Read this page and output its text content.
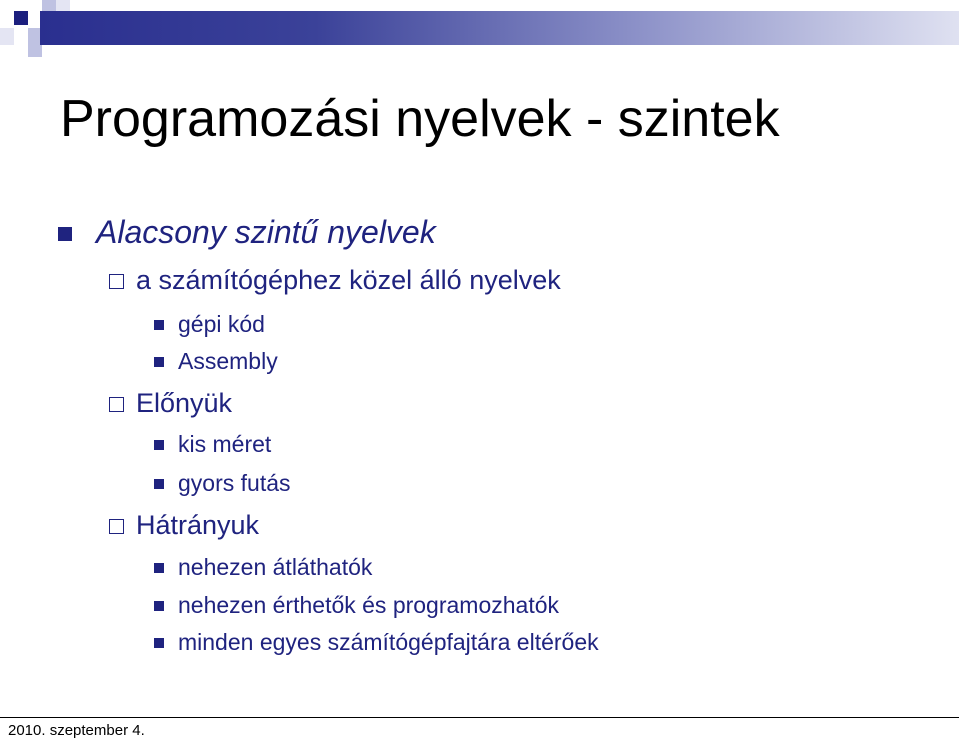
Programozási nyelvek - szintek
Alacsony szintű nyelvek
a számítógéphez közel álló nyelvek
gépi kód
Assembly
Előnyük
kis méret
gyors futás
Hátrányuk
nehezen átláthatók
nehezen érthetők és programozhatók
minden egyes számítógépfajtára eltérőek
2010. szeptember 4.
